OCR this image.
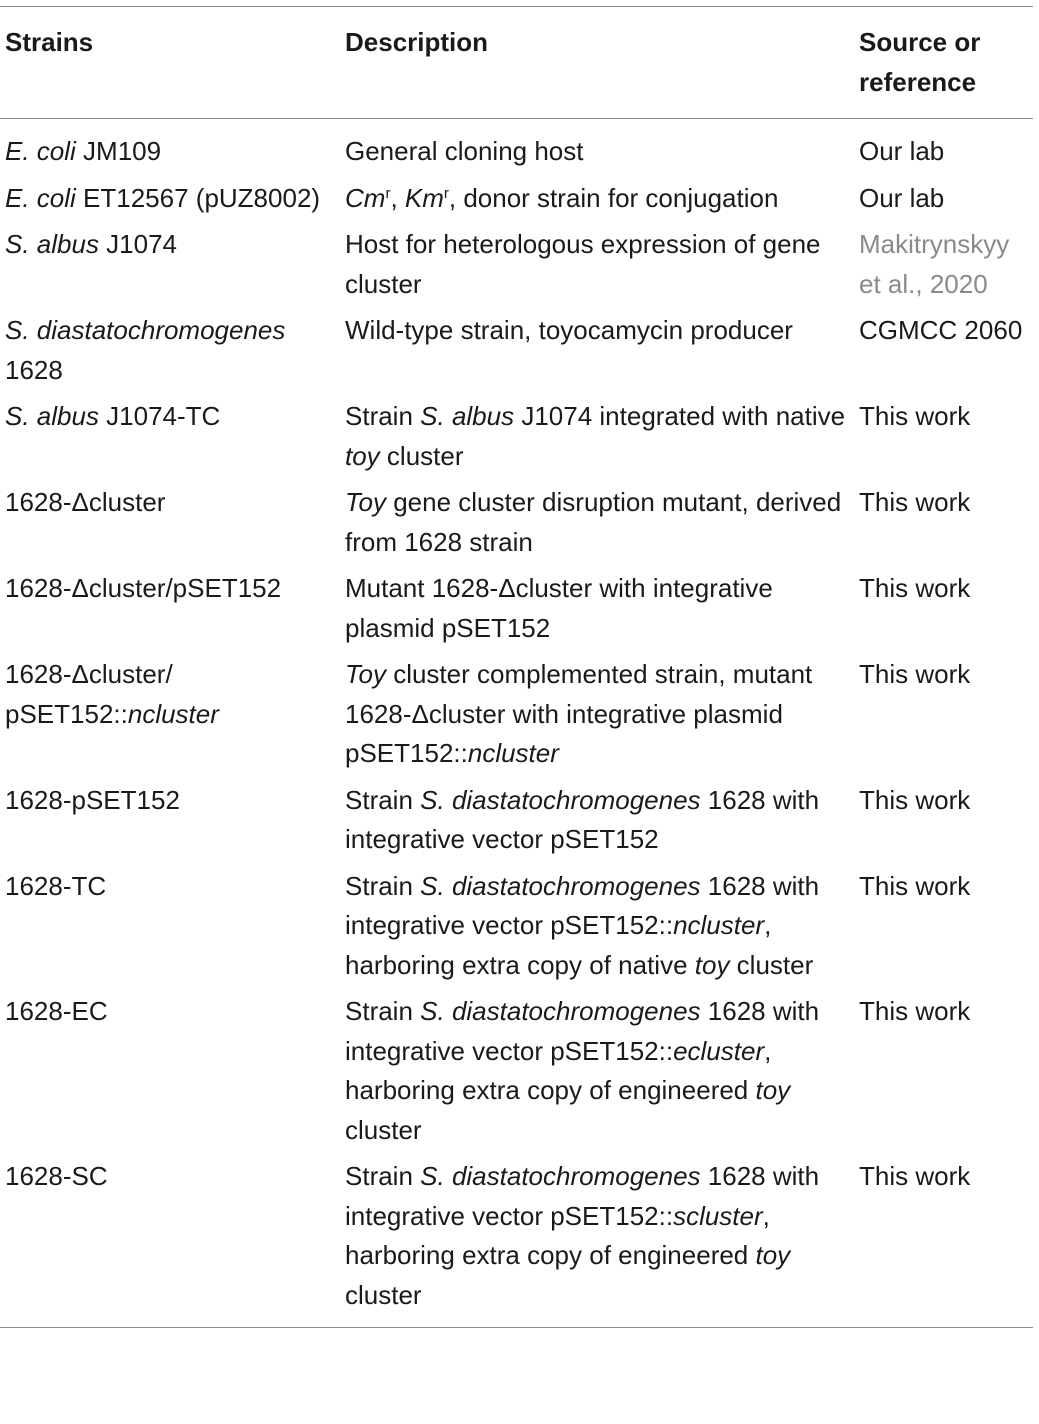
Strains	Description	Source or reference
E. coli JM109	General cloning host	Our lab
E. coli ET12567 (pUZ8002)	Cm$^r$, Km$^r$, donor strain for conjugation	Our lab
S. albus J1074	Host for heterologous expression of gene cluster	Makitrynskyy et al., 2020
S. diastatochromogenes 1628	Wild-type strain, toyocamycin producer	CGMCC 2060
S. albus J1074-TC	Strain S. albus J1074 integrated with native toy cluster	This work
1628-Δcluster	Toy gene cluster disruption mutant, derived from 1628 strain	This work
1628-Δcluster/pSET152	Mutant 1628-Δcluster with integrative plasmid pSET152	This work
1628-Δcluster/ pSET152::ncluster	Toy cluster complemented strain, mutant 1628-Δcluster with integrative plasmid pSET152::ncluster	This work
1628-pSET152	Strain S. diastatochromogenes 1628 with integrative vector pSET152	This work
1628-TC	Strain S. diastatochromogenes 1628 with integrative vector pSET152::ncluster, harboring extra copy of native toy cluster	This work
1628-EC	Strain S. diastatochromogenes 1628 with integrative vector pSET152::ecluster, harboring extra copy of engineered toy cluster	This work
1628-SC	Strain S. diastatochromogenes 1628 with integrative vector pSET152::scluster, harboring extra copy of engineered toy cluster	This work
